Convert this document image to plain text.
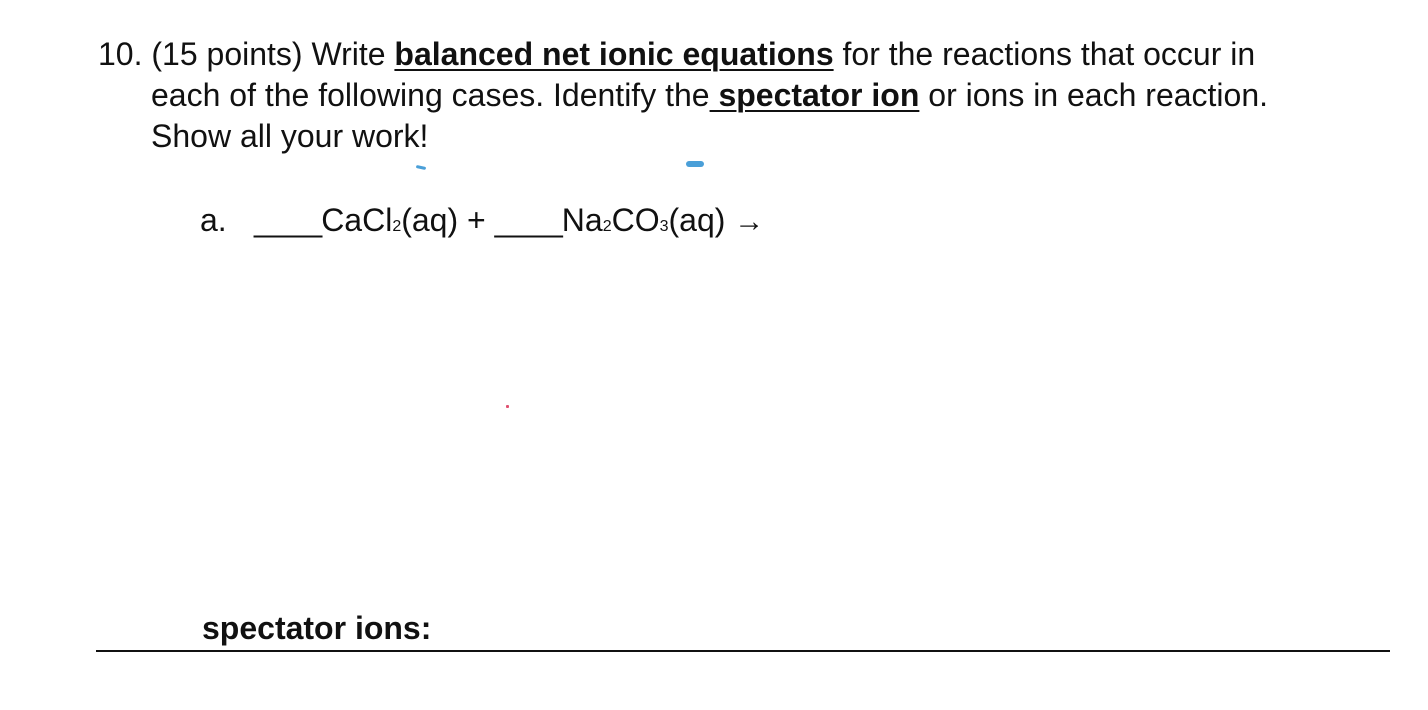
10. (15 points) Write balanced net ionic equations for the reactions that occur in
each of the following cases. Identify the spectator ion or ions in each reaction.
Show all your work!
a. ____CaCl2(aq) + ____Na2CO3(aq) →
spectator ions:
